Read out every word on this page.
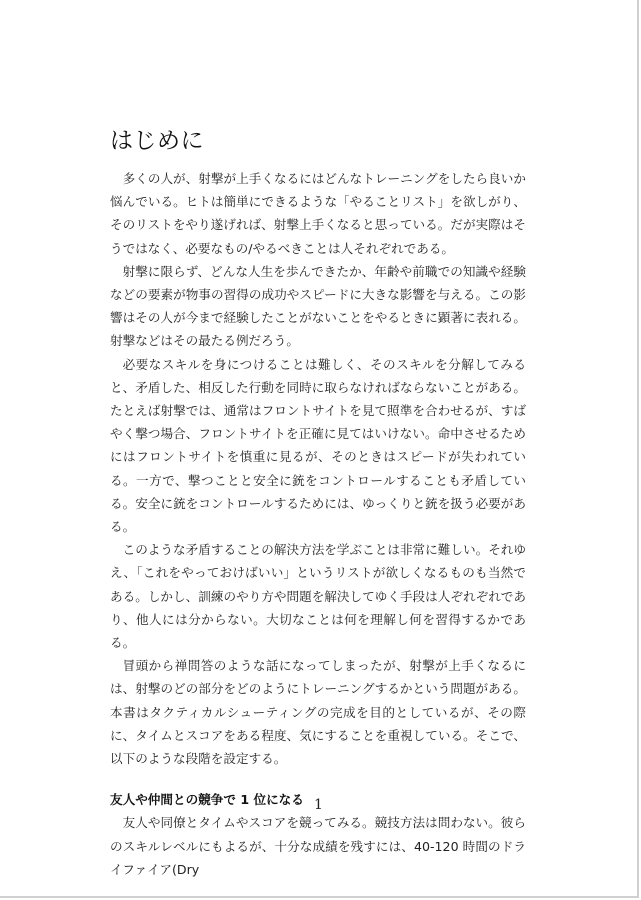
はじめに

多くの人が、射撃が上手くなるにはどんなトレーニングをしたら良いか悩んでいる。ヒトは簡単にできるような「やることリスト」を欲しがり、そのリストをやり遂げれば、射撃上手くなると思っている。だが実際はそうではなく、必要なもの/やるべきことは人それぞれである。

射撃に限らず、どんな人生を歩んできたか、年齢や前職での知識や経験などの要素が物事の習得の成功やスピードに大きな影響を与える。この影響はその人が今まで経験したことがないことをやるときに顕著に表れる。射撃などはその最たる例だろう。

必要なスキルを身につけることは難しく、そのスキルを分解してみると、矛盾した、相反した行動を同時に取らなければならないことがある。たとえば射撃では、通常はフロントサイトを見て照準を合わせるが、すばやく撃つ場合、フロントサイトを正確に見てはいけない。命中させるためにはフロントサイトを慎重に見るが、そのときはスピードが失われている。一方で、撃つことと安全に銃をコントロールすることも矛盾している。安全に銃をコントロールするためには、ゆっくりと銃を扱う必要がある。

このような矛盾することの解決方法を学ぶことは非常に難しい。それゆえ、「これをやっておけばいい」というリストが欲しくなるものも当然である。しかし、訓練のやり方や問題を解決してゆく手段は人ぞれぞれであり、他人には分からない。大切なことは何を理解し何を習得するかである。

冒頭から禅問答のような話になってしまったが、射撃が上手くなるには、射撃のどの部分をどのようにトレーニングするかという問題がある。本書はタクティカルシューティングの完成を目的としているが、その際に、タイムとスコアをある程度、気にすることを重視している。そこで、以下のような段階を設定する。

友人や仲間との競争で 1 位になる

友人や同僚とタイムやスコアを競ってみる。競技方法は問わない。彼らのスキルレベルにもよるが、十分な成績を残すには、40-120 時間のドライファイア(Dry

1
